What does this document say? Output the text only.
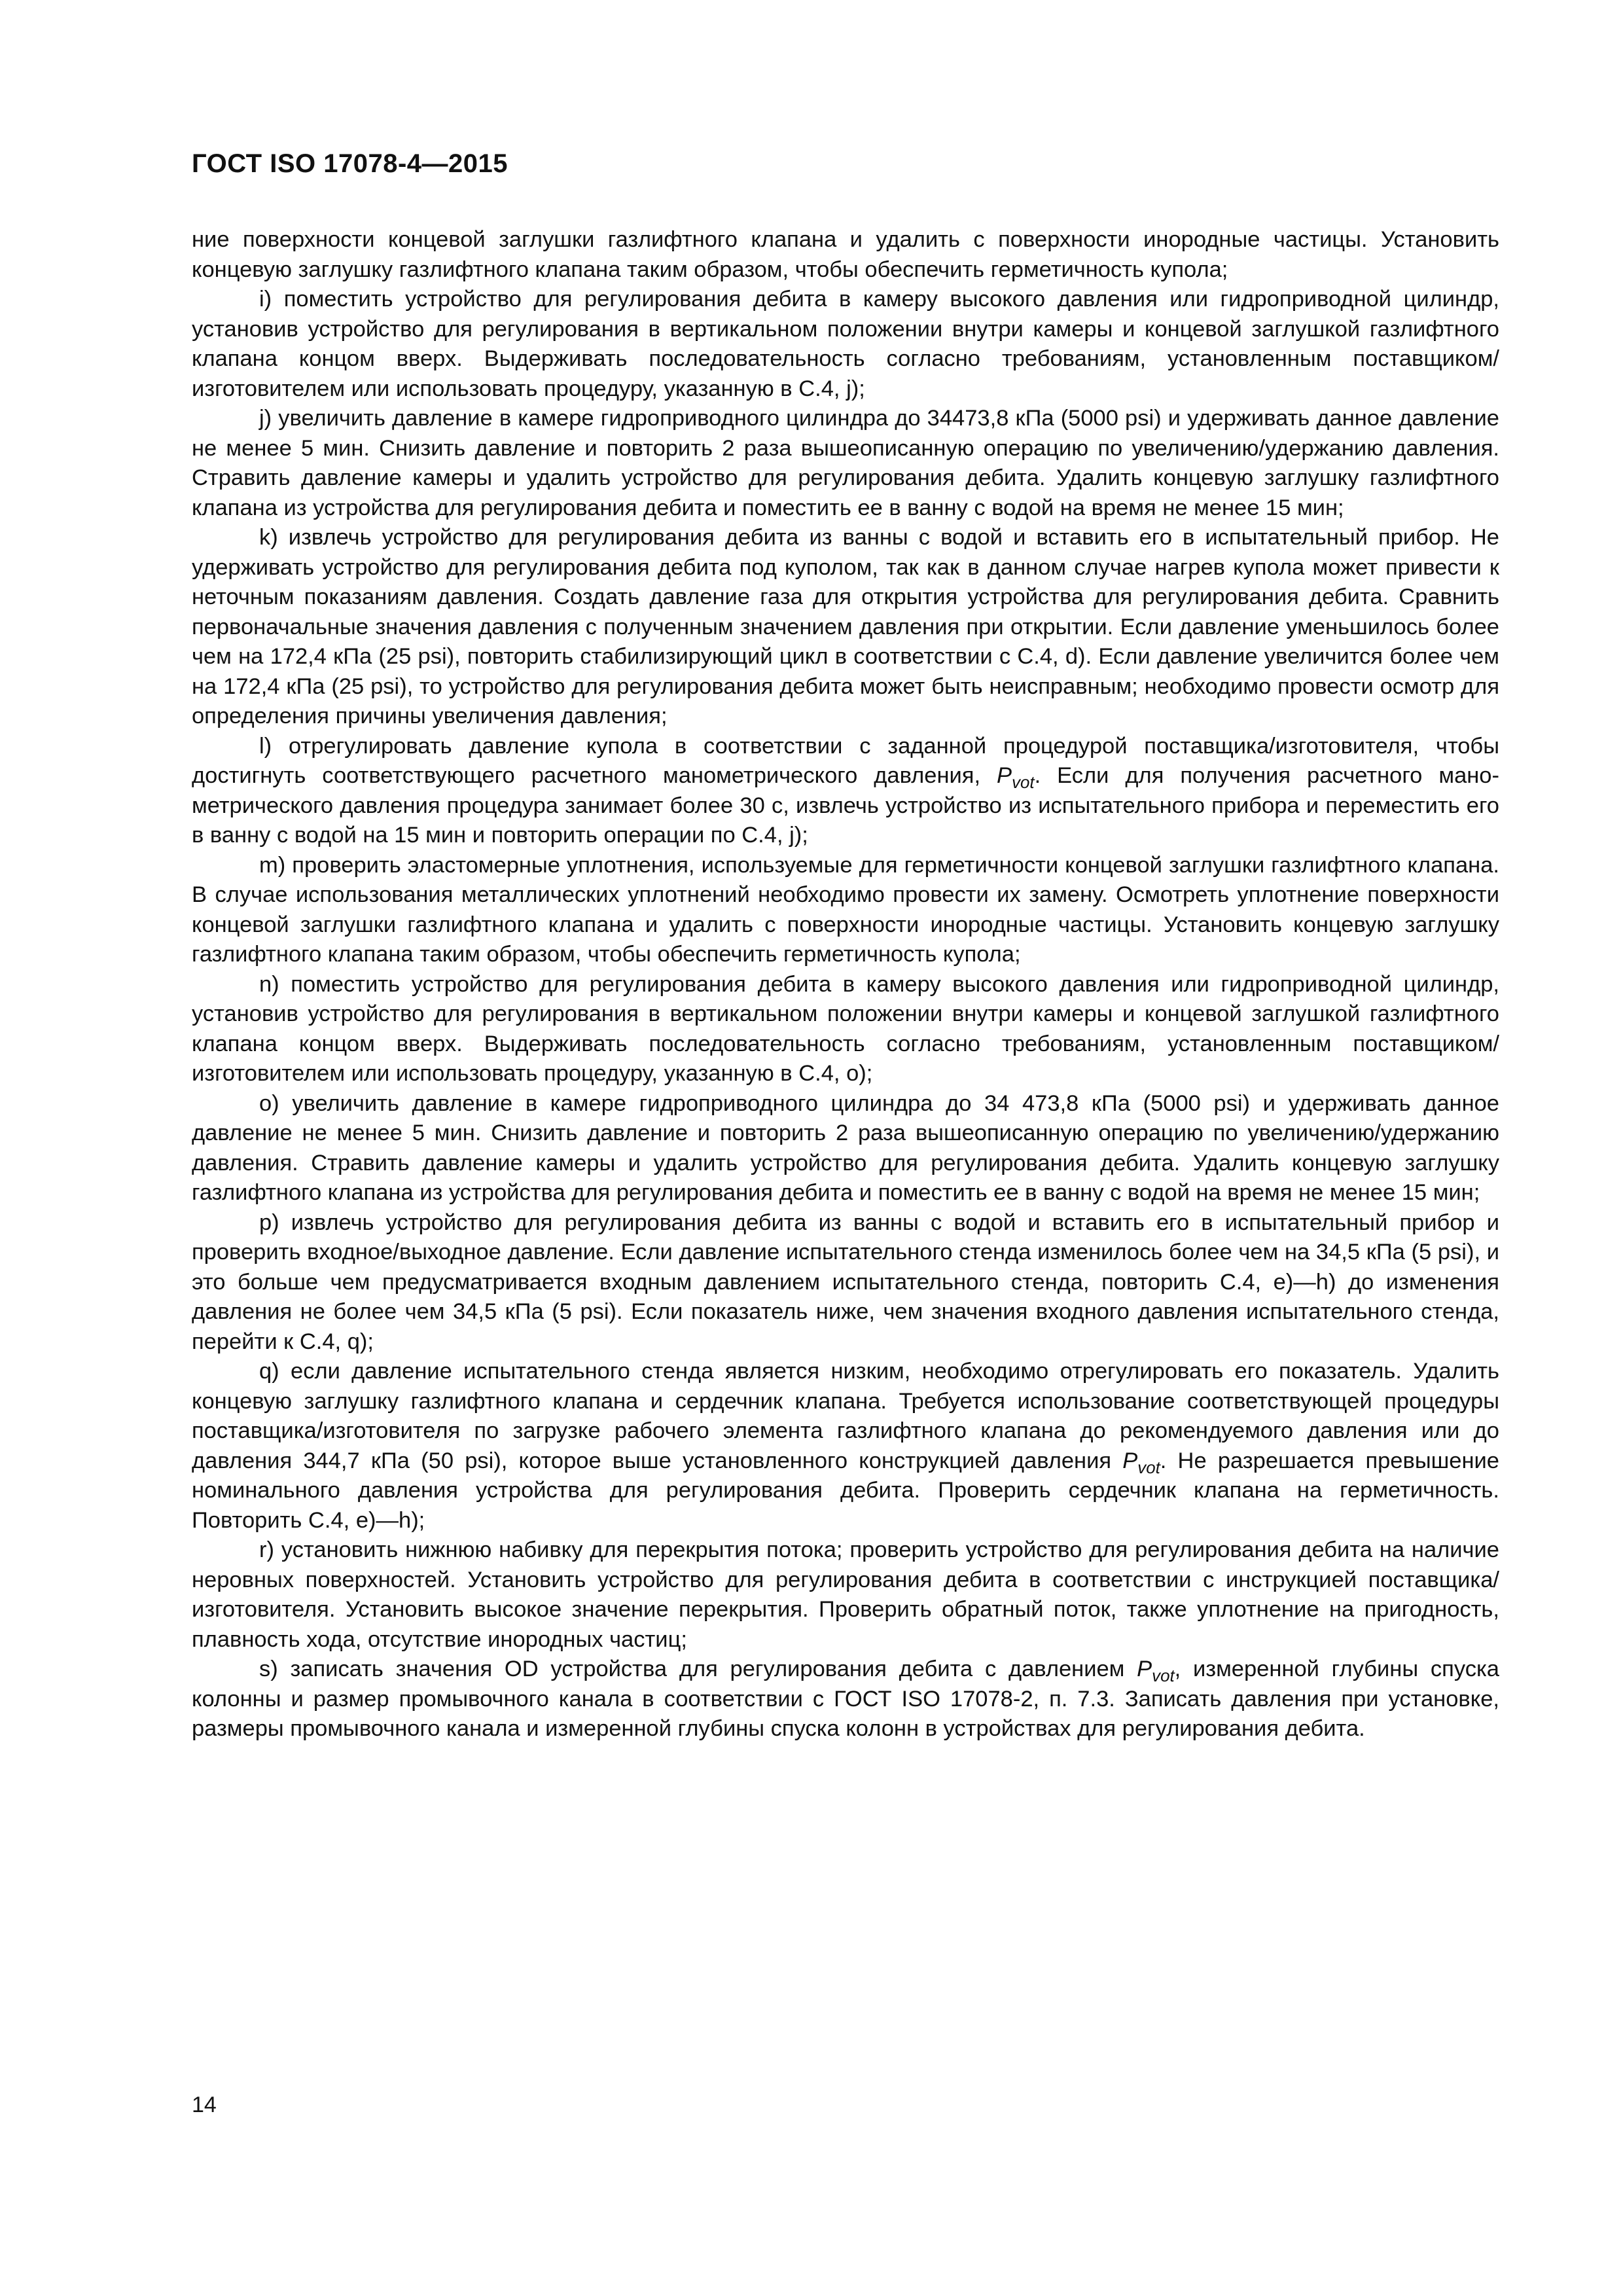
ГОСТ ISO 17078-4—2015

ние поверхности концевой заглушки газлифтного клапана и удалить с поверхности инородные частицы. Установить концевую заглушку газлифтного клапана таким образом, чтобы обеспечить герметичность купола;

i) поместить устройство для регулирования дебита в камеру высокого давления или гидроприводной цилиндр, установив устройство для регулирования в вертикальном положении внутри камеры и концевой заглушкой газлифтного клапана концом вверх. Выдерживать последовательность согласно требованиям, установленным поставщиком/изготовителем или использовать процедуру, указанную в С.4, j);

j) увеличить давление в камере гидроприводного цилиндра до 34473,8 кПа (5000 psi) и удерживать данное давление не менее 5 мин. Снизить давление и повторить 2 раза вышеописанную операцию по увеличению/удержанию давления. Стравить давление камеры и удалить устройство для регулирования дебита. Удалить концевую заглушку газлифтного клапана из устройства для регулирования дебита и поместить ее в ванну с водой на время не менее 15 мин;

k) извлечь устройство для регулирования дебита из ванны с водой и вставить его в испытательный прибор. Не удерживать устройство для регулирования дебита под куполом, так как в данном случае нагрев купола может привести к неточным показаниям давления. Создать давление газа для открытия устройства для регулирования дебита. Сравнить первоначальные значения давления с полученным значением давления при открытии. Если давление уменьшилось более чем на 172,4 кПа (25 psi), повторить стабилизирующий цикл в соответствии с С.4, d). Если давление увеличится более чем на 172,4 кПа (25 psi), то устройство для регулирования дебита может быть неисправным; необходимо провести осмотр для определения причины увеличения давления;

l) отрегулировать давление купола в соответствии с заданной процедурой поставщика/изготовителя, чтобы достигнуть соответствующего расчетного манометрического давления, $P_{vot}$. Если для получения расчетного манометрического давления процедура занимает более 30 с, извлечь устройство из испытательного прибора и переместить его в ванну с водой на 15 мин и повторить операции по С.4, j);

m) проверить эластомерные уплотнения, используемые для герметичности концевой заглушки газлифтного клапана. В случае использования металлических уплотнений необходимо провести их замену. Осмотреть уплотнение поверхности концевой заглушки газлифтного клапана и удалить с поверхности инородные частицы. Установить концевую заглушку газлифтного клапана таким образом, чтобы обеспечить герметичность купола;

n) поместить устройство для регулирования дебита в камеру высокого давления или гидроприводной цилиндр, установив устройство для регулирования в вертикальном положении внутри камеры и концевой заглушкой газлифтного клапана концом вверх. Выдерживать последовательность согласно требованиям, установленным поставщиком/изготовителем или использовать процедуру, указанную в С.4, о);

о) увеличить давление в камере гидроприводного цилиндра до 34 473,8 кПа (5000 psi) и удерживать данное давление не менее 5 мин. Снизить давление и повторить 2 раза вышеописанную операцию по увеличению/удержанию давления. Стравить давление камеры и удалить устройство для регулирования дебита. Удалить концевую заглушку газлифтного клапана из устройства для регулирования дебита и поместить ее в ванну с водой на время не менее 15 мин;

р) извлечь устройство для регулирования дебита из ванны с водой и вставить его в испытательный прибор и проверить входное/выходное давление. Если давление испытательного стенда изменилось более чем на 34,5 кПа (5 psi), и это больше чем предусматривается входным давлением испытательного стенда, повторить С.4, е)—h) до изменения давления не более чем 34,5 кПа (5 psi). Если показатель ниже, чем значения входного давления испытательного стенда, перейти к С.4, q);

q) если давление испытательного стенда является низким, необходимо отрегулировать его показатель. Удалить концевую заглушку газлифтного клапана и сердечник клапана. Требуется использование соответствующей процедуры поставщика/изготовителя по загрузке рабочего элемента газлифтного клапана до рекомендуемого давления или до давления 344,7 кПа (50 psi), которое выше установленного конструкцией давления $P_{vot}$. Не разрешается превышение номинального давления устройства для регулирования дебита. Проверить сердечник клапана на герметичность. Повторить С.4, е)—h);

r) установить нижнюю набивку для перекрытия потока; проверить устройство для регулирования дебита на наличие неровных поверхностей. Установить устройство для регулирования дебита в соответствии с инструкцией поставщика/изготовителя. Установить высокое значение перекрытия. Проверить обратный поток, также уплотнение на пригодность, плавность хода, отсутствие инородных частиц;

s) записать значения OD устройства для регулирования дебита с давлением $P_{vot}$, измеренной глубины спуска колонны и размер промывочного канала в соответствии с ГОСТ ISO 17078-2, п. 7.3. Записать давления при установке, размеры промывочного канала и измеренной глубины спуска колонн в устройствах для регулирования дебита.

14
